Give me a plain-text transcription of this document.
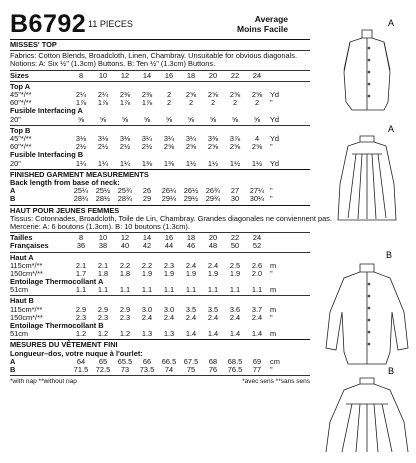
B6792 11 PIECES	Average
Moins Facile
MISSES' TOP
Fabrics: Cotton Blends, Broadcloth, Linen, Chambray. Unsuitable for obvious diagonals.
Notions: A: Six ½" (1.3cm) Buttons. B: Ten ½" (1.3cm) Buttons.
Sizes	8	10	12	14	16	18	20	22	24
Top A
45"*/**	2¼	2¼	2⅜	2⅜	2	2⅝	2⅝	2⅝	2⅝	Yd
60"*/**	1⅞	1⅞	1⅞	1⅞	2	2	2	2	2	"
Fusible Interfacing A
20"	⅝	⅝	⅝	⅝	⅝	⅝	⅝	⅝	⅝	Yd
Top B
45"*/**	3⅛	3⅛	3⅛	3¼	3¼	3¼	3⅜	3⅞	4	Yd
60"*/**	2½	2½	2½	2½	2⅝	2⅝	2⅝	2⅝	2⅝	"
Fusible Interfacing B
20"	1¼	1¼	1¼	1⅜	1⅜	1½	1½	1½	1½	Yd
FINISHED GARMENT MEASUREMENTS
Back length from base of neck:
A	25¼	25½	25¾	26	26¼	26½	26¾	27	27¼ "
B	28¼	28½	28¾	29	29¼	29½	29¾	30	30¼ "
HAUT POUR JEUNES FEMMES
Tissus: Cotonnades, Broadcloth, Toile de Lin, Chambray. Grandes diagonales ne conviennent pas.
Mercerie: A: 6 boutons (1.3cm). B: 10 boutons (1.3cm).
Tailles	8	10	12	14	16	18	20	22	24
Françaises	36	38	40	42	44	46	48	50	52
Haut A
115cm*/**	2.1	2.1	2.2	2.2	2.3	2.4	2.4	2.5	2.6	m
150cm*/**	1.7	1.8	1.8	1.9	1.9	1.9	1.9	1.9	2.0	"
Entoilage Thermocollant A
51cm	1.1	1.1	1.1	1.1	1.1	1.1	1.1	1.1	1.1	m
Haut B
115cm*/**	2.9	2.9	2.9	3.0	3.0	3.5	3.5	3.6	3.7	m
150cm*/**	2.3	2.3	2.3	2.4	2.4	2.4	2.4	2.4	2.4	"
Entoilage Thermocollant B
51cm	1.2	1.2	1.2	1.3	1.3	1.4	1.4	1.4	1.4	m
MESURES DU VÊTEMENT FINI
Longueur–dos, votre nuque à l'ourlet:
A	64	65	65.5	66	66.5	67.5	68	68.5	69	cm
B	71.5	72.5	73	73.5	74	75	76	76.5	77	"
*with nap **without nap	*avec sens **sans sens
A
A
B
B
